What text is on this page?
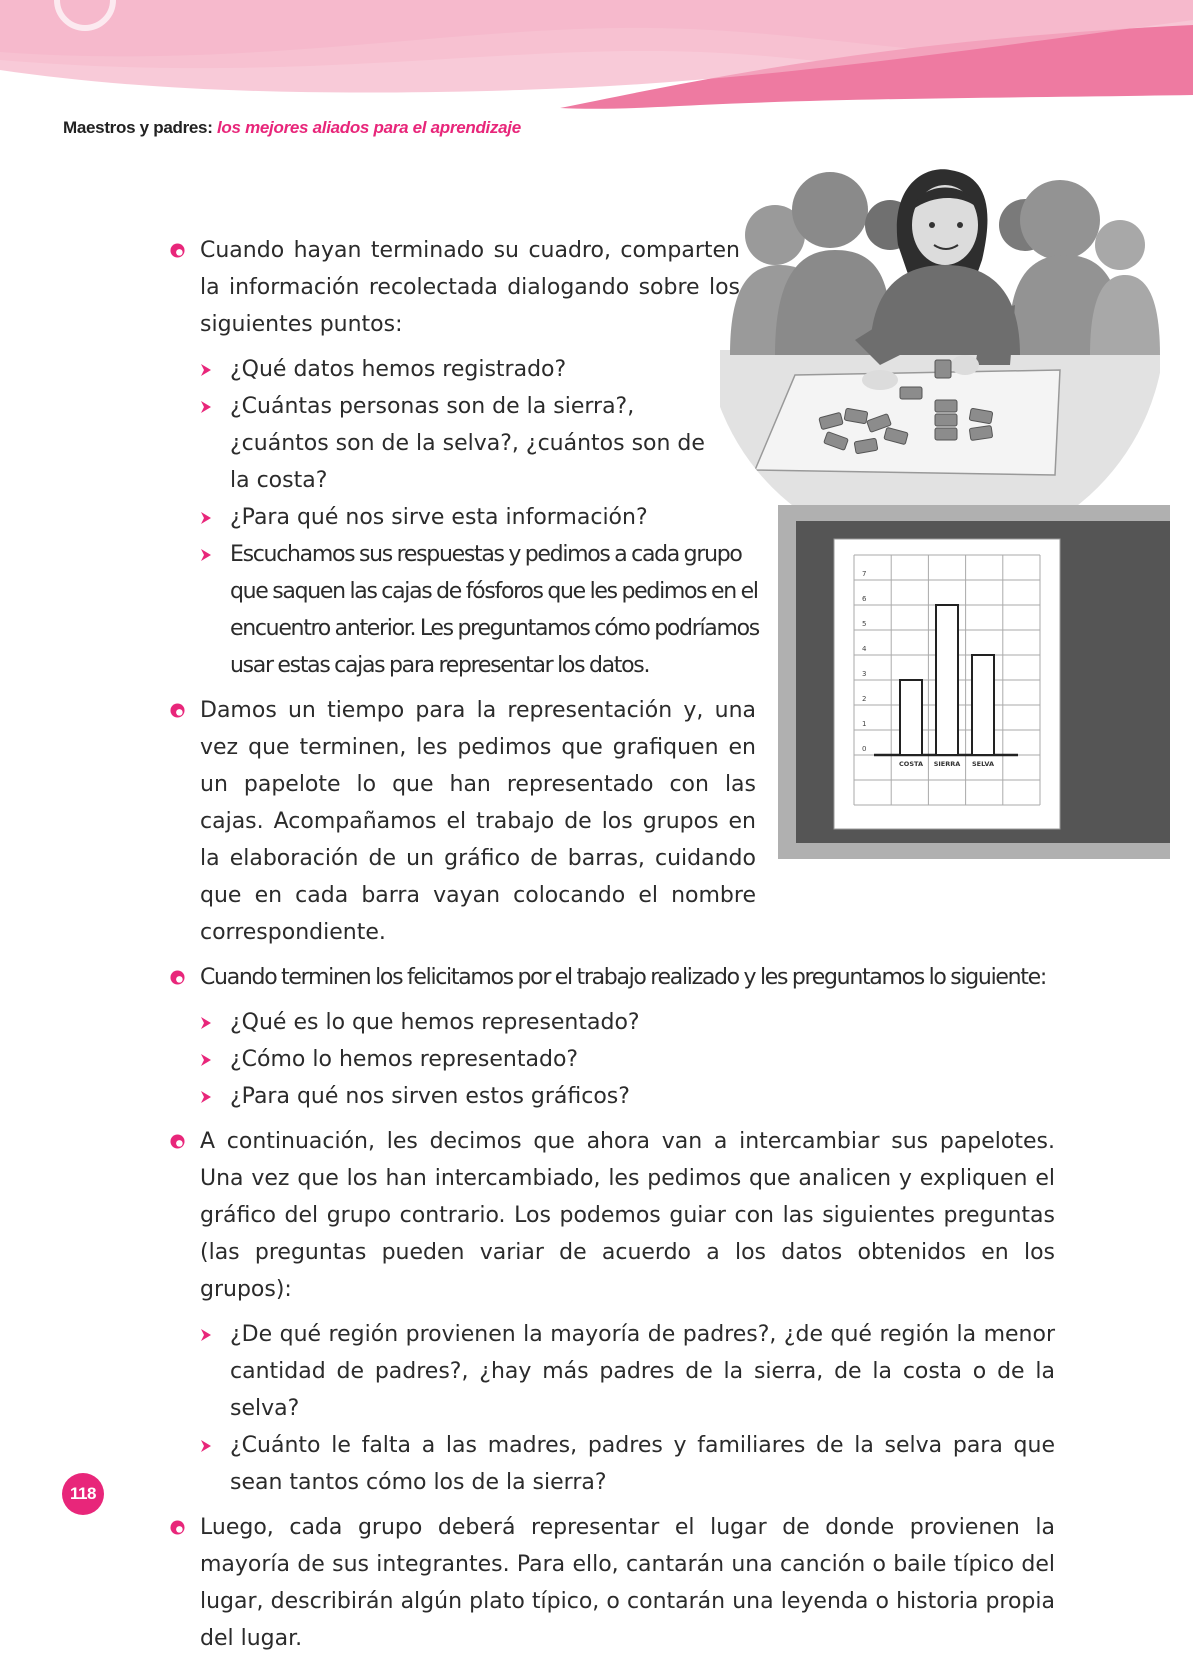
Maestros y padres: los mejores aliados para el aprendizaje
0
1
2
3
4
5
6
7
COSTA SIERRA SELVA
Cuando hayan terminado su cuadro, comparten la información recolectada dialogando sobre los siguientes puntos:
¿Qué datos hemos registrado?
¿Cuántas personas son de la sierra?, ¿cuántos son de la selva?, ¿cuántos son de la costa?
¿Para qué nos sirve esta información?
Escuchamos sus respuestas y pedimos a cada grupo que saquen las cajas de fósforos que les pedimos en el encuentro anterior. Les preguntamos cómo podríamos usar estas cajas para representar los datos.
Damos un tiempo para la representación y, una vez que terminen, les pedimos que grafiquen en un papelote lo que han representado con las cajas. Acompañamos el trabajo de los grupos en la elaboración de un gráfico de barras, cuidando que en cada barra vayan colocando el nombre correspondiente.
Cuando terminen los felicitamos por el trabajo realizado y les preguntamos lo siguiente:
¿Qué es lo que hemos representado?
¿Cómo lo hemos representado?
¿Para qué nos sirven estos gráficos?
A continuación, les decimos que ahora van a intercambiar sus papelotes. Una vez que los han intercambiado, les pedimos que analicen y expliquen el gráfico del grupo contrario. Los podemos guiar con las siguientes preguntas (las preguntas pueden variar de acuerdo a los datos obtenidos en los grupos):
¿De qué región provienen la mayoría de padres?, ¿de qué región la menor cantidad de padres?, ¿hay más padres de la sierra, de la costa o de la selva?
¿Cuánto le falta a las madres, padres y familiares de la selva para que sean tantos cómo los de la sierra?
Luego, cada grupo deberá representar el lugar de donde provienen la mayoría de sus integrantes. Para ello, cantarán una canción o baile típico del lugar, describirán algún plato típico, o contarán una leyenda o historia propia del lugar.
118
